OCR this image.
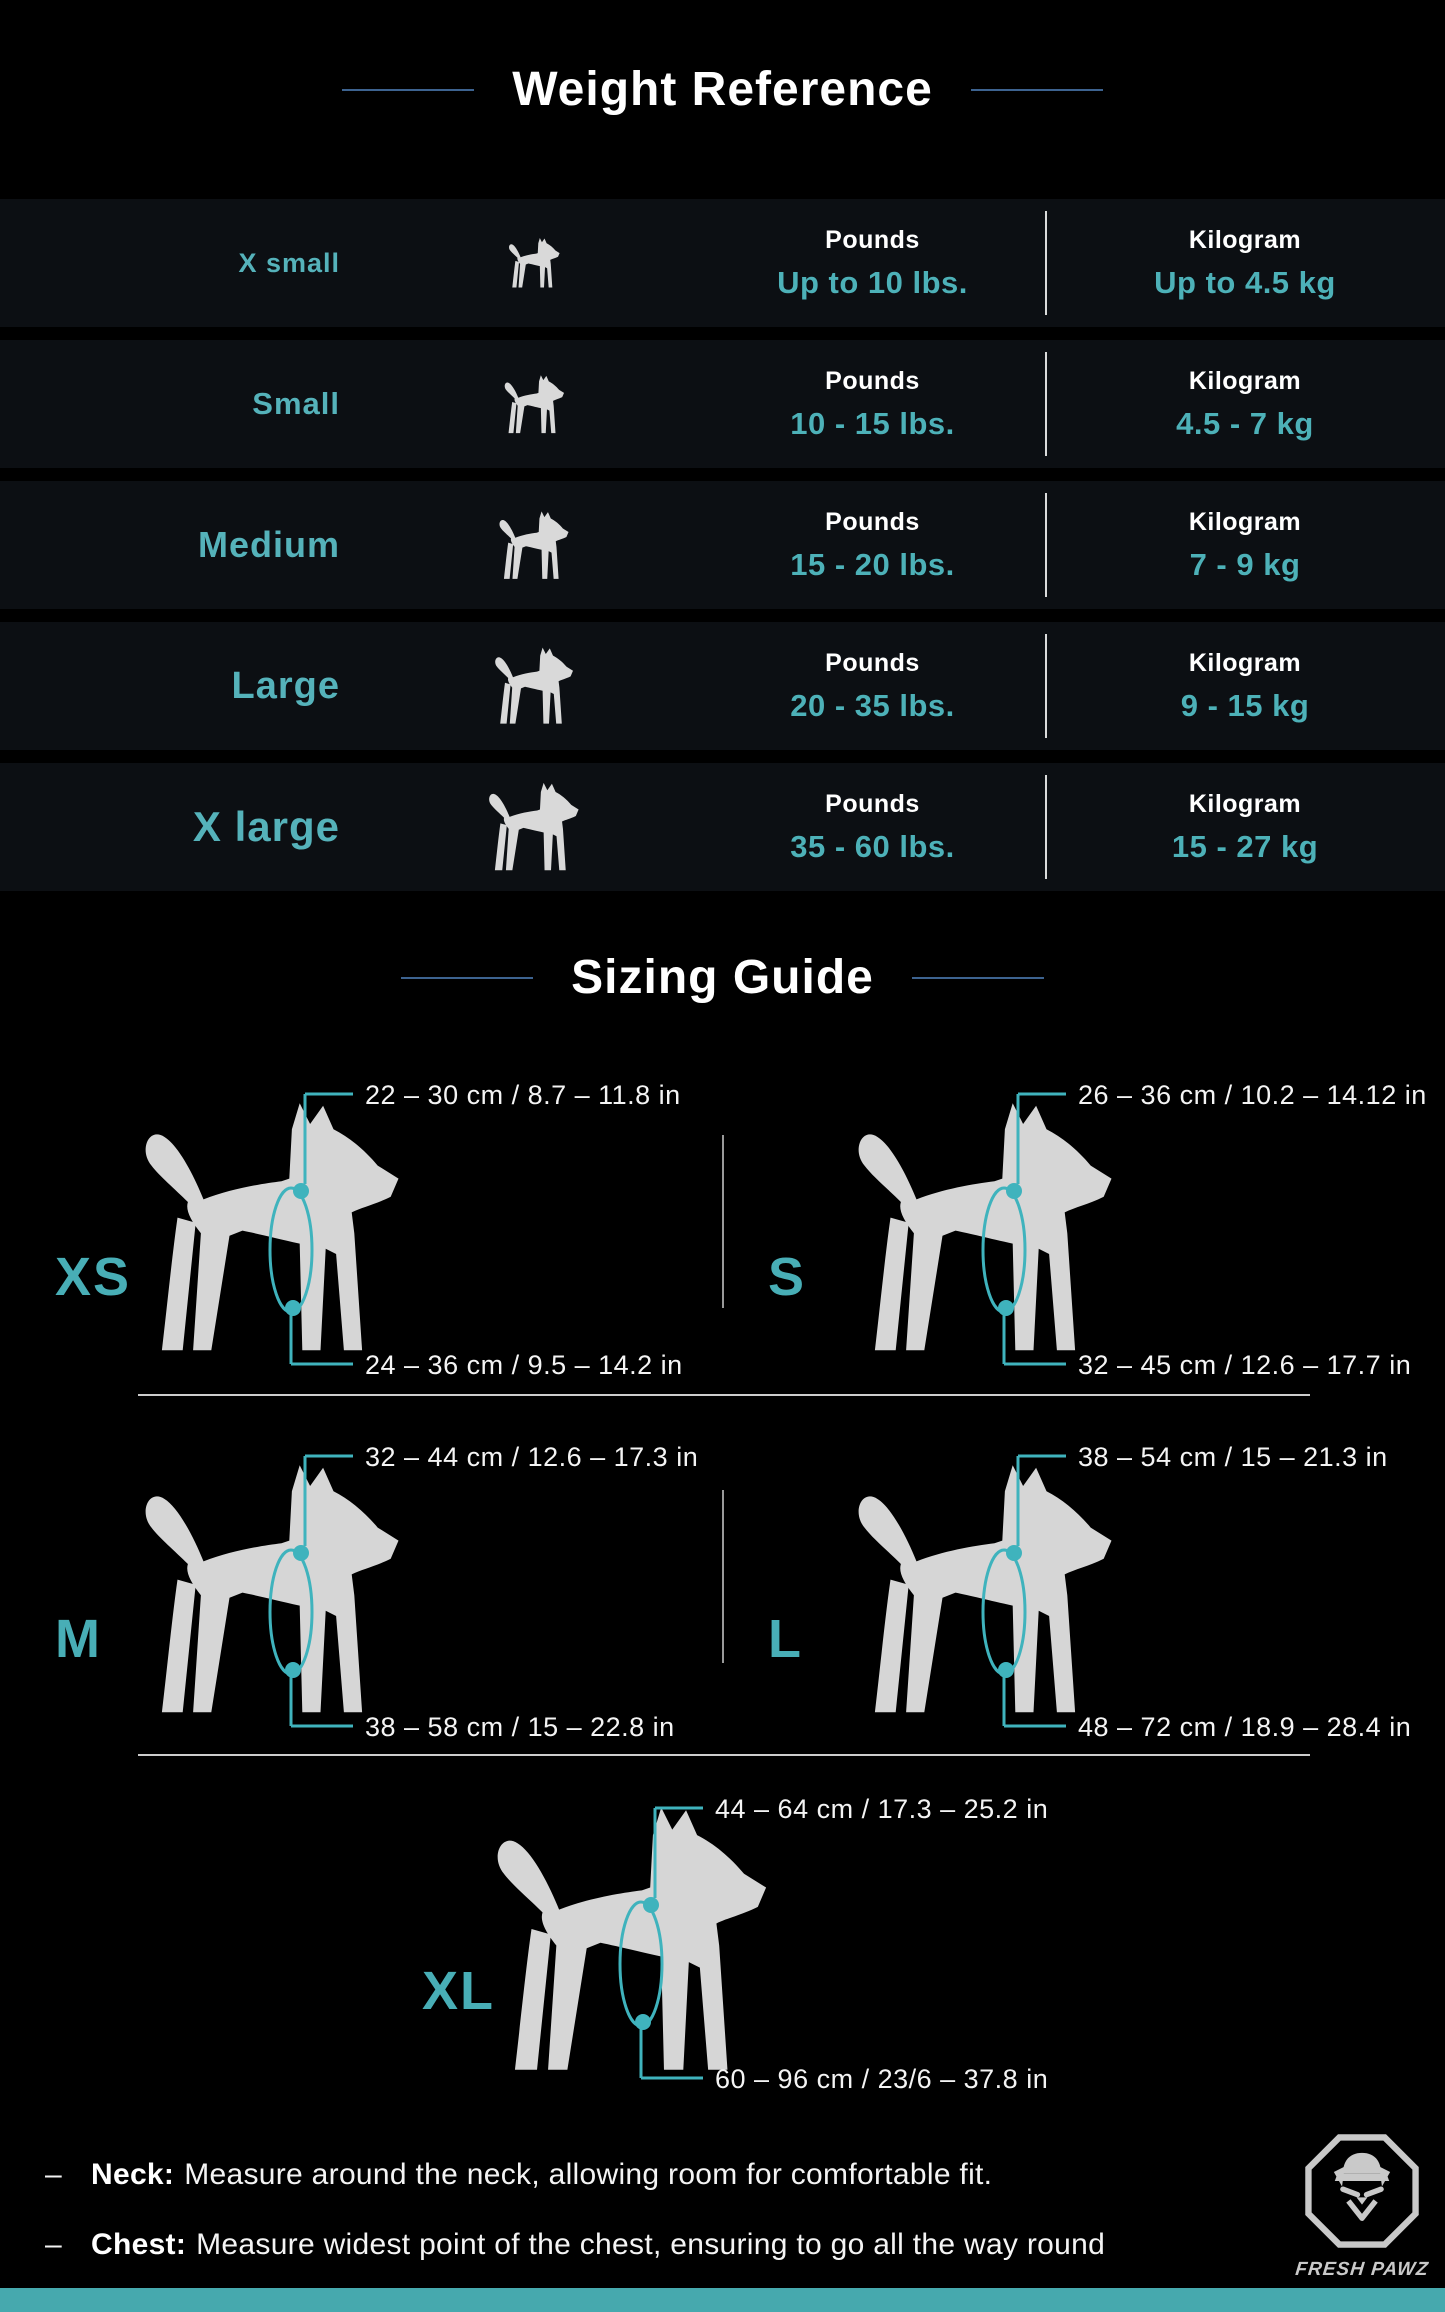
Weight Reference
X small
Pounds
Up to 10 lbs.
Kilogram
Up to 4.5 kg
Small
Pounds
10 - 15 lbs.
Kilogram
4.5 - 7 kg
Medium
Pounds
15 - 20 lbs.
Kilogram
7 - 9 kg
Large
Pounds
20 - 35 lbs.
Kilogram
9 - 15 kg
X large	Pounds
35 - 60 lbs.
Kilogram
15 - 27 kg
Sizing Guide
XS
22 – 30 cm / 8.7 – 11.8 in
24 – 36 cm / 9.5 – 14.2 in
S
26 – 36 cm / 10.2 – 14.12 in
32 – 45 cm / 12.6 – 17.7 in
M
32 – 44 cm / 12.6 – 17.3 in
38 – 58 cm / 15 – 22.8 in
L
38 – 54 cm / 15 – 21.3 in
48 – 72 cm / 18.9 – 28.4 in
XL
44 – 64 cm / 17.3 – 25.2 in
60 – 96 cm / 23/6 – 37.8 in
– Neck: Measure around the neck, allowing room for comfortable fit.
– Chest: Measure widest point of the chest, ensuring to go all the way round
FRESH PAWZ
